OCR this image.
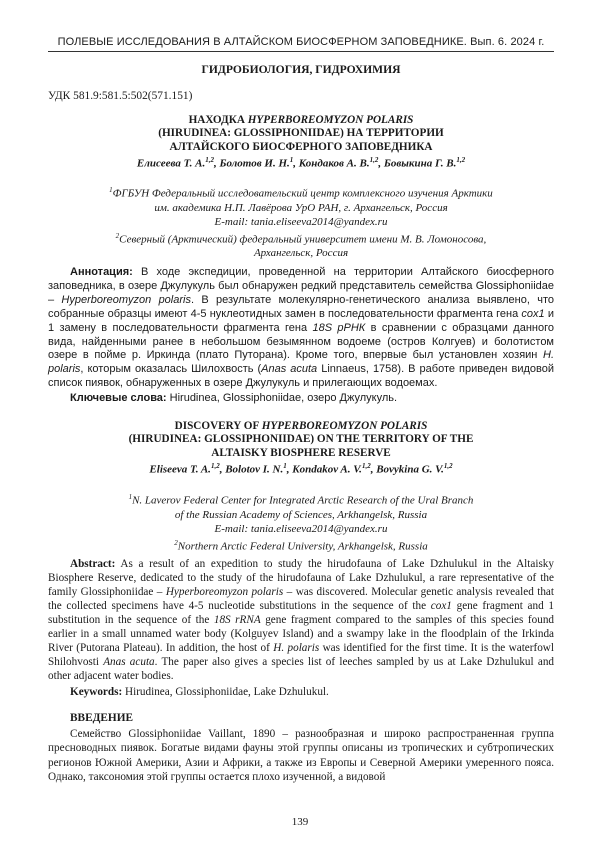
ПОЛЕВЫЕ ИССЛЕДОВАНИЯ В АЛТАЙСКОМ БИОСФЕРНОМ ЗАПОВЕДНИКЕ. Вып. 6. 2024 г.
ГИДРОБИОЛОГИЯ, ГИДРОХИМИЯ
УДК 581.9:581.5:502(571.151)
НАХОДКА HYPERBOREOMYZON POLARIS
(HIRUDINEA: GLOSSIPHONIIDAE) НА ТЕРРИТОРИИ
АЛТАЙСКОГО БИОСФЕРНОГО ЗАПОВЕДНИКА
Елисеева Т. А.1,2, Болотов И. Н.1, Кондаков А. В.1,2, Бовыкина Г. В.1,2
1ФГБУН Федеральный исследовательский центр комплексного изучения Арктики
им. академика Н.П. Лавёрова УрО РАН, г. Архангельск, Россия
E-mail: tania.eliseeva2014@yandex.ru
2Северный (Арктический) федеральный университет имени М. В. Ломоносова,
Архангельск, Россия
Аннотация: В ходе экспедиции, проведенной на территории Алтайского биосферного заповедника, в озере Джулукуль был обнаружен редкий представитель семейства Glossiphoniidae – Hyperboreomyzon polaris. В результате молекулярно-генетического анализа выявлено, что собранные образцы имеют 4-5 нуклеотидных замен в последовательности фрагмента гена cox1 и 1 замену в последовательности фрагмента гена 18S рРНК в сравнении с образцами данного вида, найденными ранее в небольшом безымянном водоеме (остров Колгуев) и болотистом озере в пойме р. Иркинда (плато Путорана). Кроме того, впервые был установлен хозяин H. polaris, которым оказалась Шилохвость (Anas acuta Linnaeus, 1758). В работе приведен видовой список пиявок, обнаруженных в озере Джулукуль и прилегающих водоемах.
Ключевые слова: Hirudinea, Glossiphoniidae, озеро Джулукуль.
DISCOVERY OF HYPERBOREOMYZON POLARIS
(HIRUDINEA: GLOSSIPHONIIDAE) ON THE TERRITORY OF THE
ALTAISKY BIOSPHERE RESERVE
Eliseeva T. A.1,2, Bolotov I. N.1, Kondakov A. V.1,2, Bovykina G. V.1,2
1N. Laverov Federal Center for Integrated Arctic Research of the Ural Branch
of the Russian Academy of Sciences, Arkhangelsk, Russia
E-mail: tania.eliseeva2014@yandex.ru
2Northern Arctic Federal University, Arkhangelsk, Russia
Abstract: As a result of an expedition to study the hirudofauna of Lake Dzhulukul in the Altaisky Biosphere Reserve, dedicated to the study of the hirudofauna of Lake Dzhulukul, a rare representative of the family Glossiphoniidae – Hyperboreomyzon polaris – was discovered. Molecular genetic analysis revealed that the collected specimens have 4-5 nucleotide substitutions in the sequence of the cox1 gene fragment and 1 substitution in the sequence of the 18S rRNA gene fragment compared to the samples of this species found earlier in a small unnamed water body (Kolguyev Island) and a swampy lake in the floodplain of the Irkinda River (Putorana Plateau). In addition, the host of H. polaris was identified for the first time. It is the waterfowl Shilohvosti Anas acuta. The paper also gives a species list of leeches sampled by us at Lake Dzhulukul and other adjacent water bodies.
Keywords: Hirudinea, Glossiphoniidae, Lake Dzhulukul.
ВВЕДЕНИЕ
Семейство Glossiphoniidae Vaillant, 1890 – разнообразная и широко распространенная группа пресноводных пиявок. Богатые видами фауны этой группы описаны из тропических и субтропических регионов Южной Америки, Азии и Африки, а также из Европы и Северной Америки умеренного пояса. Однако, таксономия этой группы остается плохо изученной, а видовой
139
